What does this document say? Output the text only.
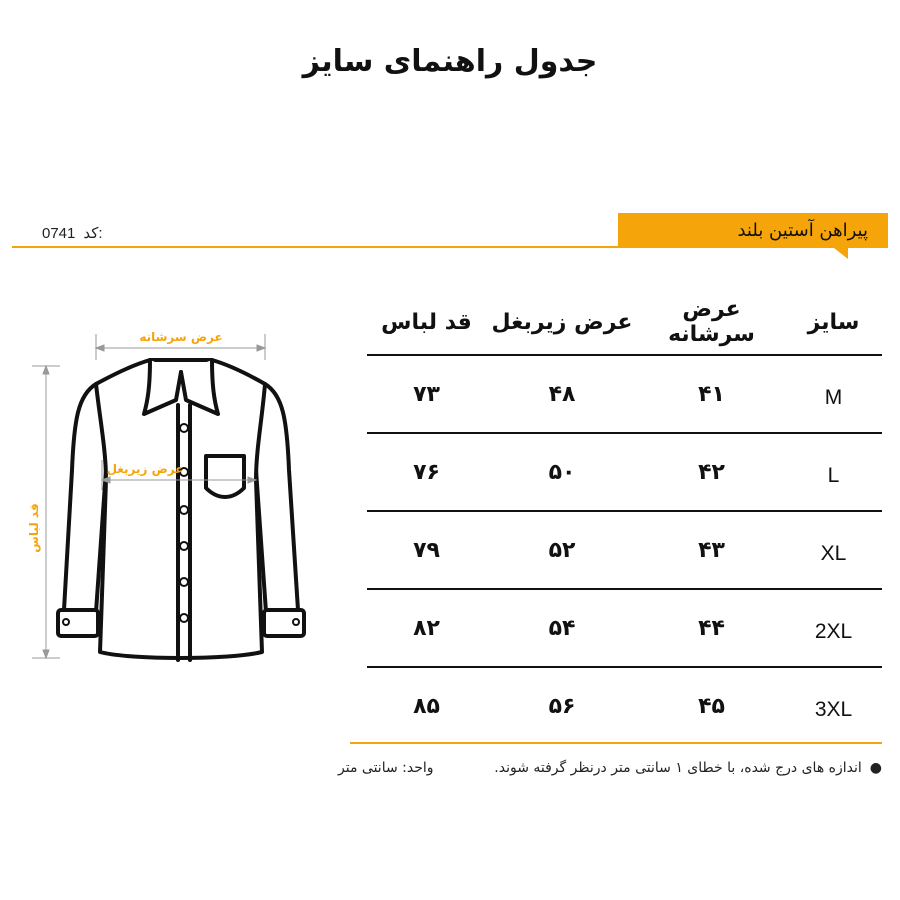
جدول راهنمای سایز
0741 کد:	پیراهن آستین بلند
سایز	عرض سرشانه	عرض زیربغل	قد لباس
M	۴۱	۴۸	۷۳
L	۴۲	۵۰	۷۶
XL	۴۳	۵۲	۷۹
2XL	۴۴	۵۴	۸۲
3XL	۴۵	۵۶	۸۵
عرض سرشانه
قد لباس
عرض زیربغل
●اندازه های درج شده، با خطای ۱ سانتی متر درنظر گرفته شوند.
واحد: سانتی متر
